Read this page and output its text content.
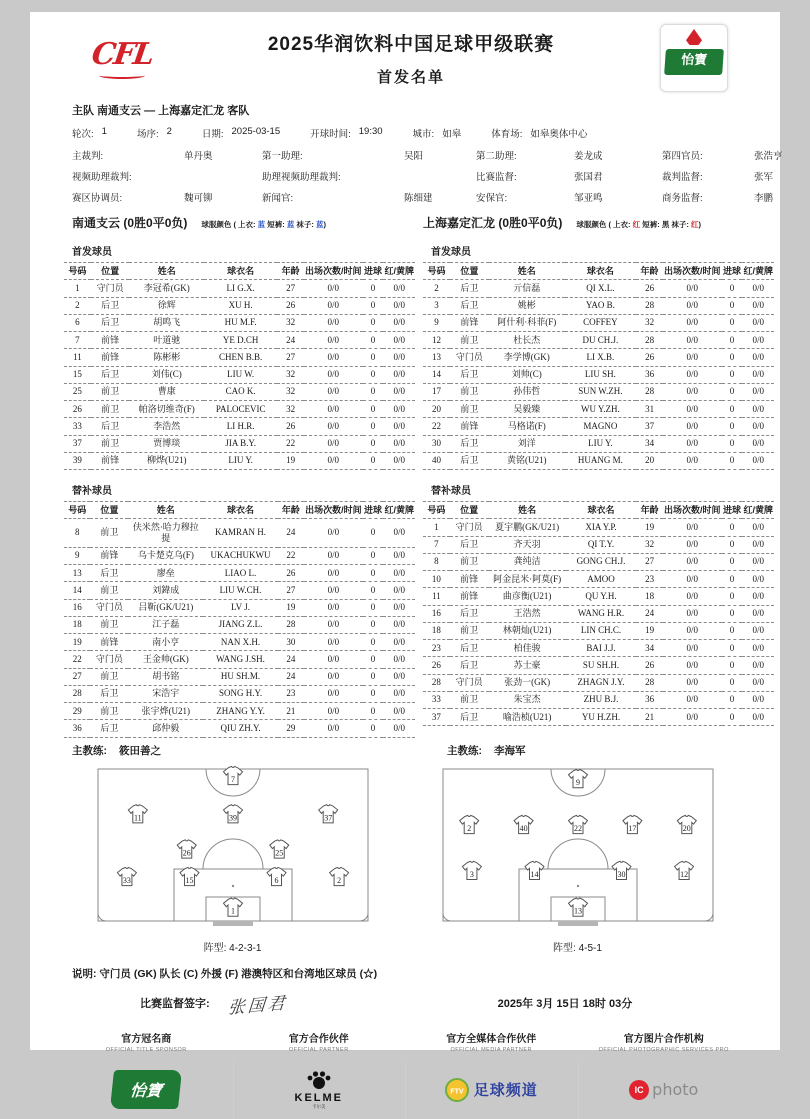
CFL	2025华润饮料中国足球甲级联赛
首发名单
怡寶
主队 南通支云 — 上海嘉定汇龙 客队
轮次: 1	场序: 2	日期: 2025-03-15	开球时间: 19:30	城市: 如皋	体育场: 如皋奥体中心
主裁判:	单丹奥	第一助理:	吴阳	第二助理:	姜龙成	第四官员:	张浩亨
视频助理裁判:	助理视频助理裁判:	比赛监督:	张国君	裁判监督:	张军
赛区协调员:	魏可铆	新闻官:	陈细建	安保官:	邹亚鸣	商务监督:	李鹏
南通支云 (0胜0平0负) 球服颜色 ( 上衣: 蓝 短裤: 蓝 袜子: 蓝)	上海嘉定汇龙 (0胜0平0负) 球服颜色 ( 上衣: 红 短裤: 黑 袜子: 红)
首发球员	首发球员
号码	位置	姓名	球衣名	年龄	出场次数/时间	进球	红/黄牌
1	守门员	李冠希(GK)	LI G.X.	27	0/0	0	0/0
2	后卫	徐辉	XU H.	26	0/0	0	0/0
6	后卫	胡鸣飞	HU M.F.	32	0/0	0	0/0
7	前锋	叶道驰	YE D.CH	24	0/0	0	0/0
11	前锋	陈彬彬	CHEN B.B.	27	0/0	0	0/0
15	后卫	刘伟(C)	LIU W.	32	0/0	0	0/0
25	前卫	曹康	CAO K.	32	0/0	0	0/0
26	前卫	帕洛切维奇(F)	PALOCEVIC	32	0/0	0	0/0
33	后卫	李浩然	LI H.R.	26	0/0	0	0/0
37	前卫	贾博琰	JIA B.Y.	22	0/0	0	0/0
39	前锋	柳烨(U21)	LIU Y.	19	0/0	0	0/0
号码	位置	姓名	球衣名	年龄	出场次数/时间	进球	红/黄牌
2	后卫	亓信磊	QI X.L.	26	0/0	0	0/0
3	后卫	姚彬	YAO B.	28	0/0	0	0/0
9	前锋	阿什利·科菲(F)	COFFEY	32	0/0	0	0/0
12	前卫	杜长杰	DU CH.J.	28	0/0	0	0/0
13	守门员	李学博(GK)	LI X.B.	26	0/0	0	0/0
14	后卫	刘帅(C)	LIU SH.	36	0/0	0	0/0
17	前卫	孙伟哲	SUN W.ZH.	28	0/0	0	0/0
20	前卫	吴毅臻	WU Y.ZH.	31	0/0	0	0/0
22	前锋	马格诺(F)	MAGNO	37	0/0	0	0/0
30	后卫	刘洋	LIU Y.	34	0/0	0	0/0
40	后卫	黄铭(U21)	HUANG M.	20	0/0	0	0/0
替补球员	替补球员
号码	位置	姓名	球衣名	年龄	出场次数/时间	进球	红/黄牌
8	前卫	伕米然·哈力穆拉提	KAMRAN H.	24	0/0	0	0/0
9	前锋	乌卡楚克乌(F)	UKACHUKWU	22	0/0	0	0/0
13	后卫	廖垒	LIAO L.	26	0/0	0	0/0
14	前卫	刘鍏成	LIU W.CH.	27	0/0	0	0/0
16	守门员	吕靳(GK/U21)	LV J.	19	0/0	0	0/0
18	前卫	江子磊	JIANG Z.L.	28	0/0	0	0/0
19	前锋	南小亨	NAN X.H.	30	0/0	0	0/0
22	守门员	王金帅(GK)	WANG J.SH.	24	0/0	0	0/0
27	前卫	胡书铭	HU SH.M.	24	0/0	0	0/0
28	后卫	宋浩宇	SONG H.Y.	23	0/0	0	0/0
29	前卫	张宇烨(U21)	ZHANG Y.Y.	21	0/0	0	0/0
36	后卫	邱仲毅	QIU ZH.Y.	29	0/0	0	0/0
号码	位置	姓名	球衣名	年龄	出场次数/时间	进球	红/黄牌
1	守门员	夏宇鹏(GK/U21)	XIA Y.P.	19	0/0	0	0/0
7	后卫	齐天羽	QI T.Y.	32	0/0	0	0/0
8	前卫	龚纯洁	GONG CH.J.	27	0/0	0	0/0
10	前锋	阿金昆米·阿莫(F)	AMOO	23	0/0	0	0/0
11	前锋	曲彦衡(U21)	QU Y.H.	18	0/0	0	0/0
16	后卫	王浩然	WANG H.R.	24	0/0	0	0/0
18	前卫	林朝灿(U21)	LIN CH.C.	19	0/0	0	0/0
23	后卫	柏佳骏	BAI J.J.	34	0/0	0	0/0
26	后卫	苏士豪	SU SH.H.	26	0/0	0	0/0
28	守门员	张劲一(GK)	ZHAGN J.Y.	28	0/0	0	0/0
33	前卫	朱宝杰	ZHU B.J.	36	0/0	0	0/0
37	后卫	喻浩桢(U21)	YU H.ZH.	21	0/0	0	0/0
主教练: 筱田善之	主教练: 李海军
7
11	39	37
26	25
33	15	6	2
1
阵型: 4-2-3-1
9
2	40	22	17	20
3	14	30	12
13
阵型: 4-5-1
说明: 守门员 (GK) 队长 (C) 外援 (F) 港澳特区和台湾地区球员 (☆)
比赛监督签字: 张国君	2025年 3月 15日 18时 03分
官方冠名商
OFFICIAL TITLE SPONSOR
怡寶
官方合作伙伴
OFFICIAL PARTNER
KELME
卡尔美
官方全媒体合作伙伴
OFFICIAL MEDIA PARTNER
FTV 足球频道
官方图片合作机构
OFFICIAL PHOTOGRAPHIC SERVICES PRO
IC photo
